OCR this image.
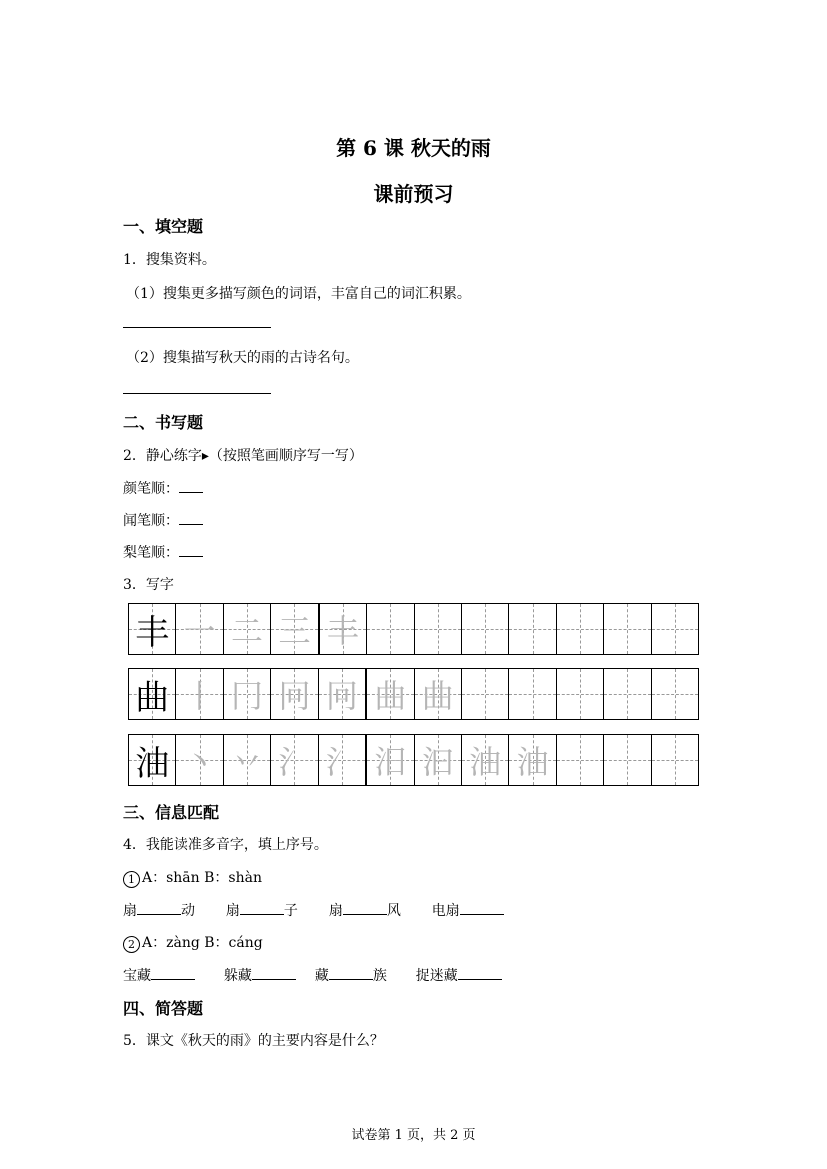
第 6 课 秋天的雨
课前预习
一、填空题
1．搜集资料。
（1）搜集更多描写颜色的词语，丰富自己的词汇积累。
（2）搜集描写秋天的雨的古诗名句。
二、书写题
2．静心练字▸（按照笔画顺序写一写）
颜笔顺：
闻笔顺：
梨笔顺：
3．写字
丰 一 二 三 丰
曲 丨 冂 冋 冋 曲 曲
油 丶 丷 氵 氵 汨 汩 油 油
三、信息匹配
4．我能读准多音字，填上序号。
1 A：shān B：shàn
扇	动 扇	子 扇	风 电扇
2 A：zàng B：cáng
宝藏	躲藏	藏	族 捉迷藏
四、简答题
5．课文《秋天的雨》的主要内容是什么？
试卷第 1 页，共 2 页
